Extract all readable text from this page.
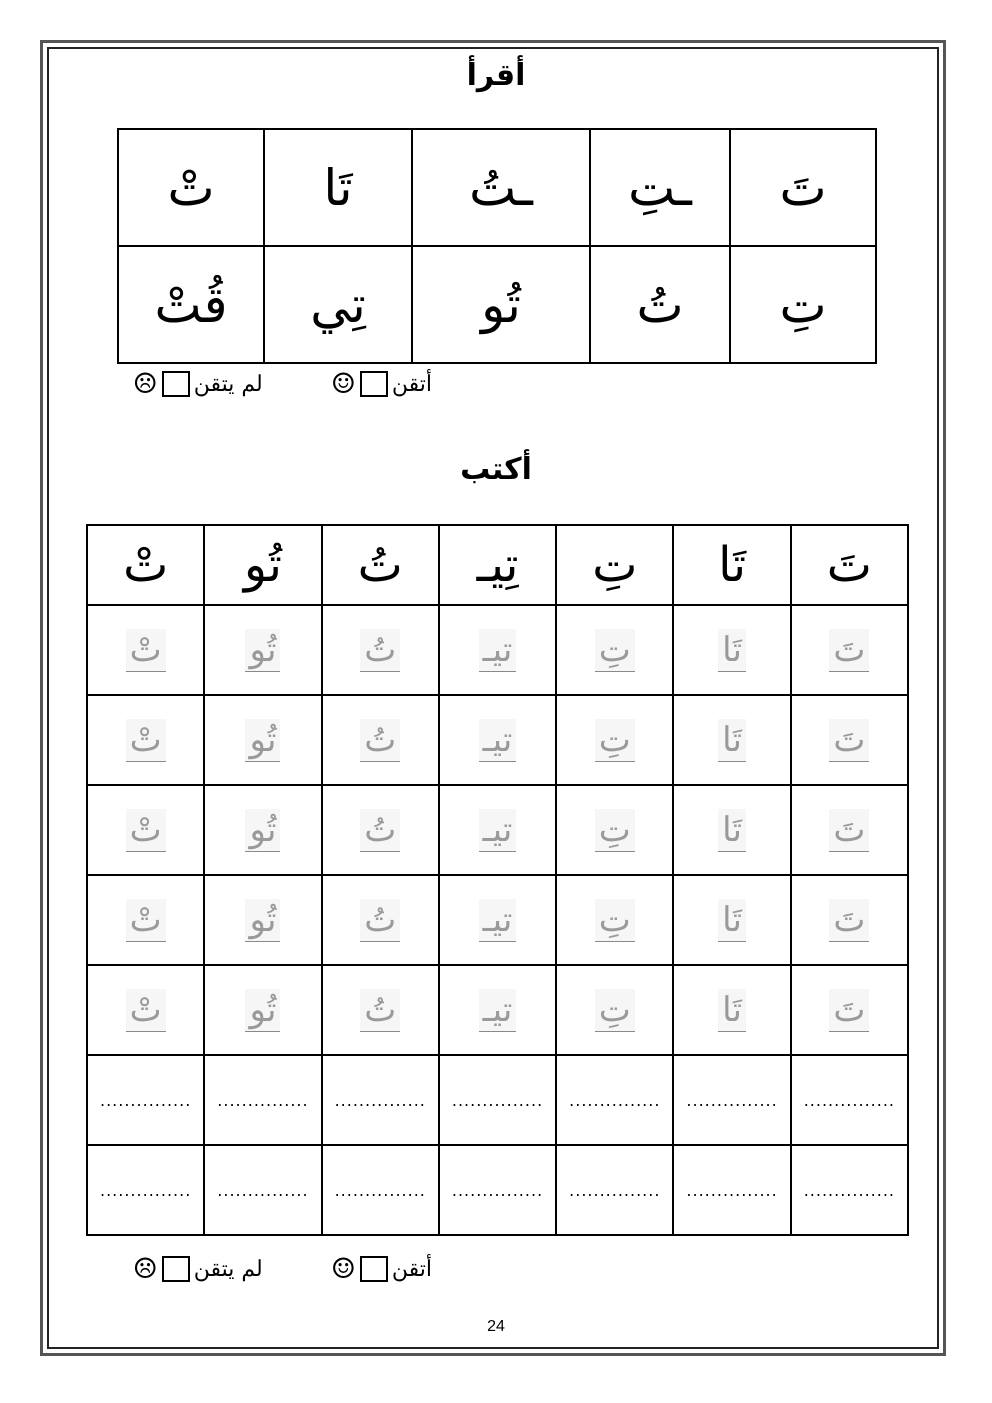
أقرأ
تَ	ـتِ	ـتُ	تَا	تْ
تِ	تُ	تُو	تِي	قُتْ
أتقن
☺
لم يتقن
☹
أكتب
تَ	تَا	تِ	تِيـ	تُ	تُو	تْ
تَ	تَا	تِ	تيـ	تُ	تُو	تْ
تَ	تَا	تِ	تيـ	تُ	تُو	تْ
تَ	تَا	تِ	تيـ	تُ	تُو	تْ
تَ	تَا	تِ	تيـ	تُ	تُو	تْ
تَ	تَا	تِ	تيـ	تُ	تُو	تْ
...............	...............	...............	...............	...............	...............	...............
...............	...............	...............	...............	...............	...............	...............
أتقن
☺
لم يتقن
☹
24
